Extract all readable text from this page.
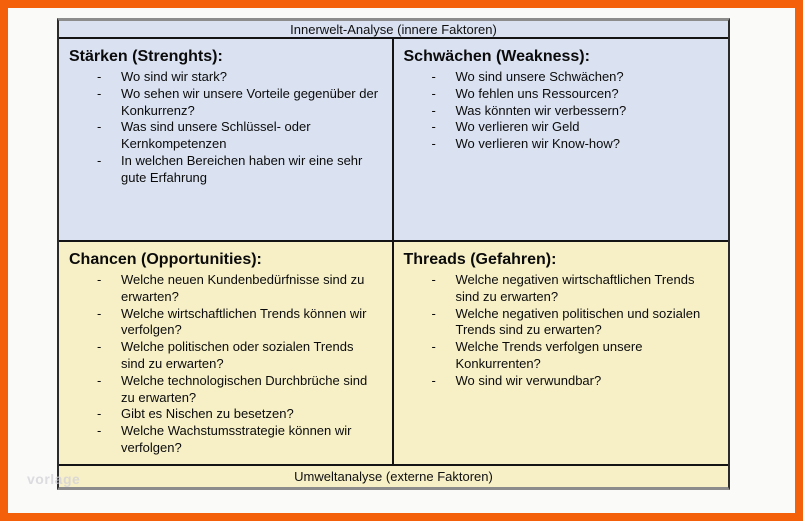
vorlage
Innerwelt-Analyse (innere Faktoren)
Stärken (Strenghts):
-	Wo sind wir stark?
-	Wo sehen wir unsere Vorteile gegenüber der Konkurrenz?
-	Was sind unsere Schlüssel- oder Kernkompetenzen
-	In welchen Bereichen haben wir eine sehr gute Erfahrung
Schwächen (Weakness):
-	Wo sind unsere Schwächen?
-	Wo fehlen uns Ressourcen?
-	Was könnten wir verbessern?
-	Wo verlieren wir Geld
-	Wo verlieren wir Know-how?
Chancen (Opportunities):
-	Welche neuen Kundenbedürfnisse sind zu erwarten?
-	Welche wirtschaftlichen Trends können wir verfolgen?
-	Welche politischen oder sozialen Trends sind zu erwarten?
-	Welche technologischen Durchbrüche sind zu erwarten?
-	Gibt es Nischen zu besetzen?
-	Welche Wachstumsstrategie können wir verfolgen?
Threads (Gefahren):
-	Welche negativen wirtschaftlichen Trends sind zu erwarten?
-	Welche negativen politischen und sozialen Trends sind zu erwarten?
-	Welche Trends verfolgen unsere Konkurrenten?
-	Wo sind wir verwundbar?
Umweltanalyse (externe Faktoren)
